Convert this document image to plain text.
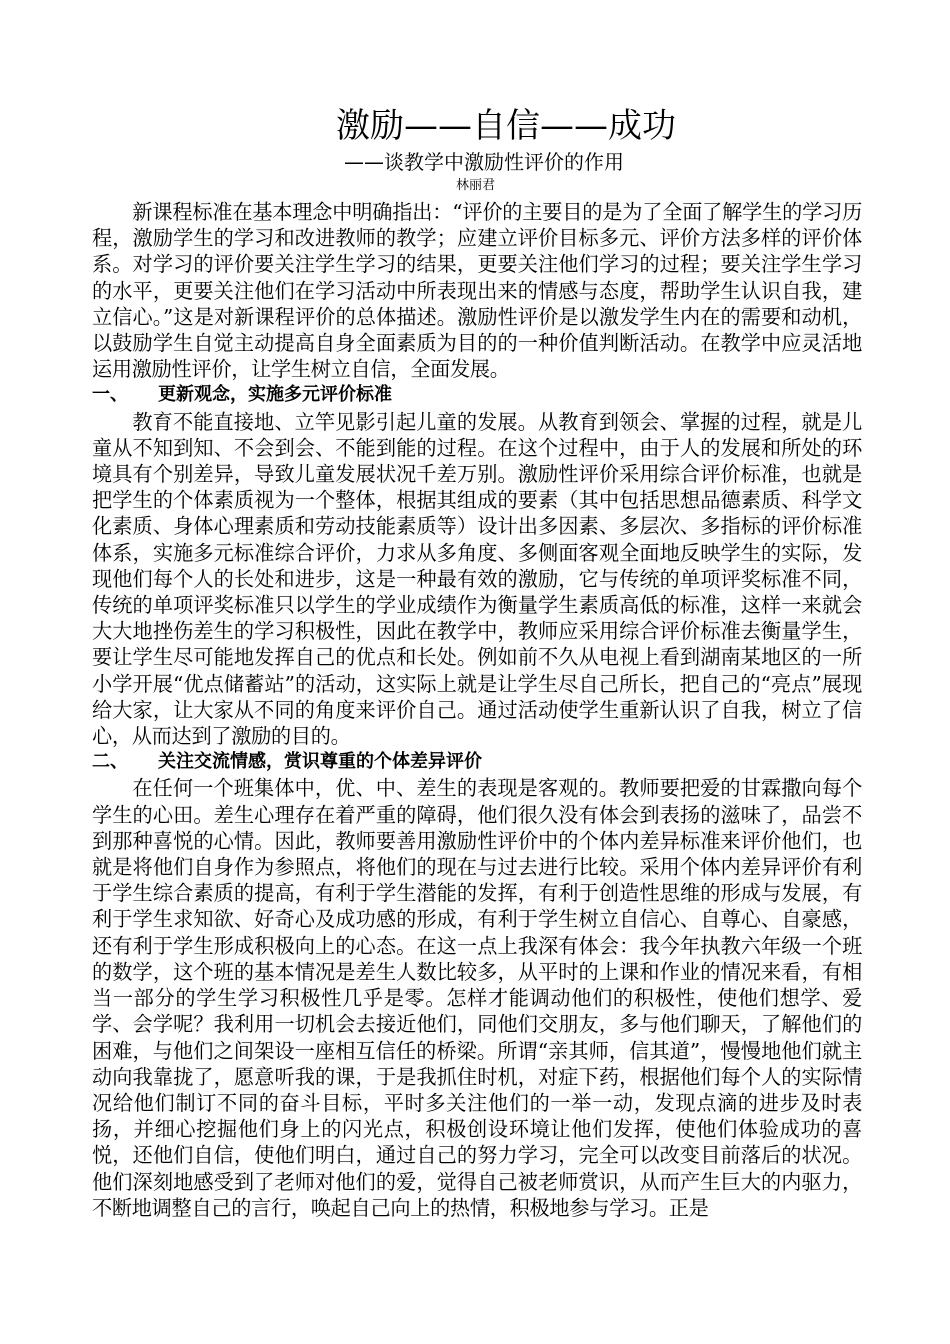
激励——自信——成功
——谈教学中激励性评价的作用
林丽君

新课程标准在基本理念中明确指出：“评价的主要目的是为了全面了解学生的学习历程，激励学生的学习和改进教师的教学；应建立评价目标多元、评价方法多样的评价体系。对学习的评价要关注学生学习的结果，更要关注他们学习的过程；要关注学生学习的水平，更要关注他们在学习活动中所表现出来的情感与态度，帮助学生认识自我，建立信心。”这是对新课程评价的总体描述。激励性评价是以激发学生内在的需要和动机，以鼓励学生自觉主动提高自身全面素质为目的的一种价值判断活动。在教学中应灵活地运用激励性评价，让学生树立自信，全面发展。

一、 更新观念，实施多元评价标准

教育不能直接地、立竿见影引起儿童的发展。从教育到领会、掌握的过程，就是儿童从不知到知、不会到会、不能到能的过程。在这个过程中，由于人的发展和所处的环境具有个别差异，导致儿童发展状况千差万别。激励性评价采用综合评价标准，也就是把学生的个体素质视为一个整体，根据其组成的要素（其中包括思想品德素质、科学文化素质、身体心理素质和劳动技能素质等）设计出多因素、多层次、多指标的评价标准体系，实施多元标准综合评价，力求从多角度、多侧面客观全面地反映学生的实际，发现他们每个人的长处和进步，这是一种最有效的激励，它与传统的单项评奖标准不同，传统的单项评奖标准只以学生的学业成绩作为衡量学生素质高低的标准，这样一来就会大大地挫伤差生的学习积极性，因此在教学中，教师应采用综合评价标准去衡量学生，要让学生尽可能地发挥自己的优点和长处。例如前不久从电视上看到湖南某地区的一所小学开展“优点储蓄站”的活动，这实际上就是让学生尽自己所长，把自己的“亮点”展现给大家，让大家从不同的角度来评价自己。通过活动使学生重新认识了自我，树立了信心，从而达到了激励的目的。

二、 关注交流情感，赏识尊重的个体差异评价

在任何一个班集体中，优、中、差生的表现是客观的。教师要把爱的甘霖撒向每个学生的心田。差生心理存在着严重的障碍，他们很久没有体会到表扬的滋味了，品尝不到那种喜悦的心情。因此，教师要善用激励性评价中的个体内差异标准来评价他们，也就是将他们自身作为参照点，将他们的现在与过去进行比较。采用个体内差异评价有利于学生综合素质的提高，有利于学生潜能的发挥，有利于创造性思维的形成与发展，有利于学生求知欲、好奇心及成功感的形成，有利于学生树立自信心、自尊心、自豪感，还有利于学生形成积极向上的心态。在这一点上我深有体会：我今年执教六年级一个班的数学，这个班的基本情况是差生人数比较多，从平时的上课和作业的情况来看，有相当一部分的学生学习积极性几乎是零。怎样才能调动他们的积极性，使他们想学、爱学、会学呢？我利用一切机会去接近他们，同他们交朋友，多与他们聊天，了解他们的困难，与他们之间架设一座相互信任的桥梁。所谓“亲其师，信其道”，慢慢地他们就主动向我靠拢了，愿意听我的课，于是我抓住时机，对症下药，根据他们每个人的实际情况给他们制订不同的奋斗目标，平时多关注他们的一举一动，发现点滴的进步及时表扬，并细心挖掘他们身上的闪光点，积极创设环境让他们发挥，使他们体验成功的喜悦，还他们自信，使他们明白，通过自己的努力学习，完全可以改变目前落后的状况。他们深刻地感受到了老师对他们的爱，觉得自己被老师赏识，从而产生巨大的内驱力，不断地调整自己的言行，唤起自己向上的热情，积极地参与学习。正是
